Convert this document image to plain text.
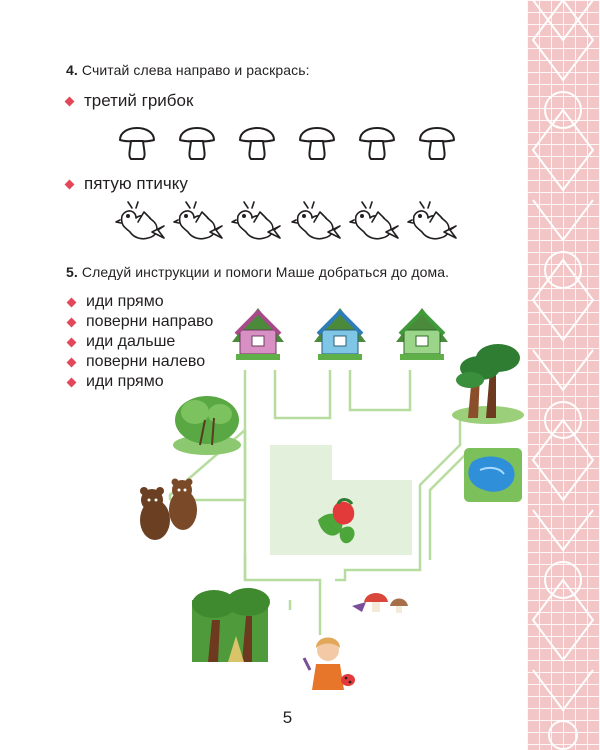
4. Считай слева направо и раскрась:
третий грибок
пятую птичку
5. Следуй инструкции и помоги Маше добраться до дома.
иди прямо
поверни направо
иди дальше
поверни налево
иди прямо
5
